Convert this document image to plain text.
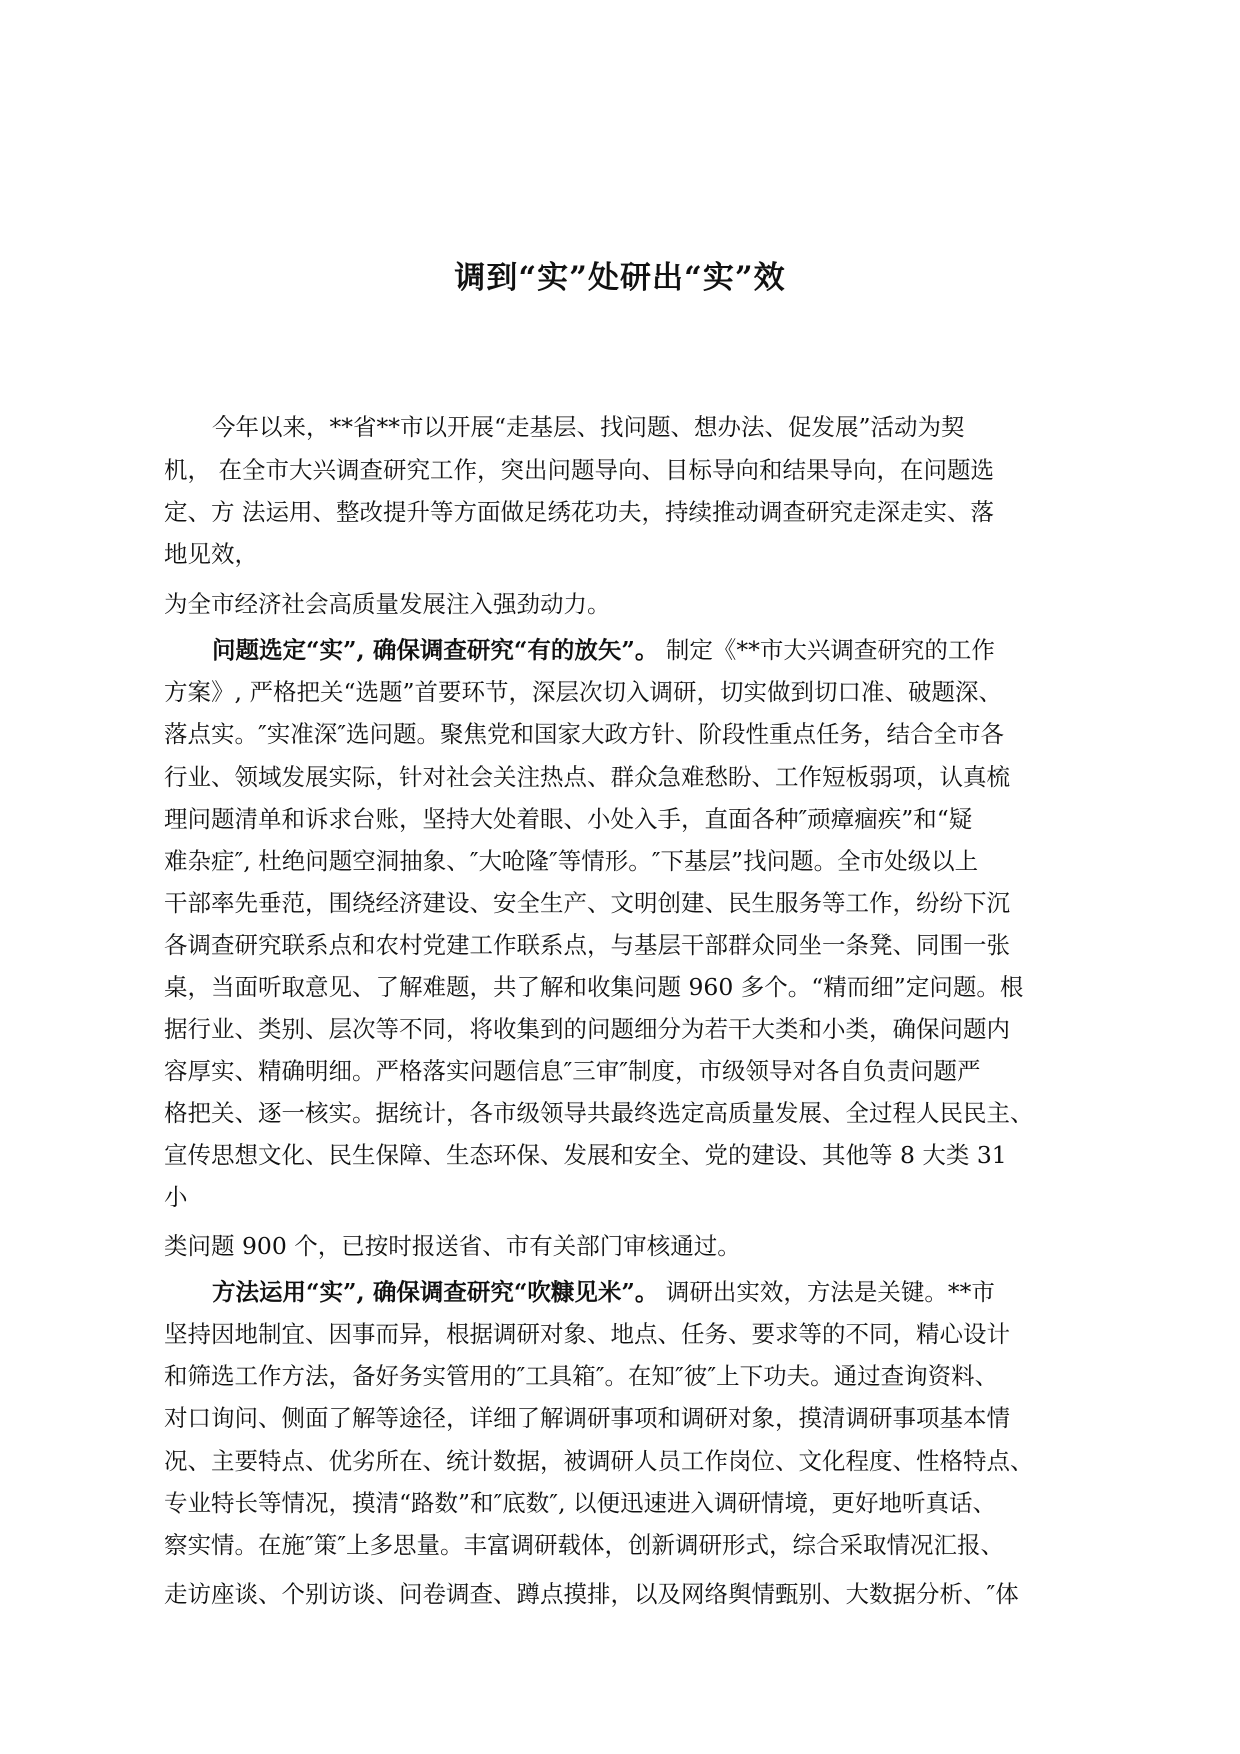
调到“实”处研出“实”效

今年以来，**省**市以开展“走基层、找问题、想办法、促发展”活动为契

机， 在全市大兴调查研究工作，突出问题导向、目标导向和结果导向，在问题选

定、方 法运用、整改提升等方面做足绣花功夫，持续推动调查研究走深走实、落

地见效，

为全市经济社会高质量发展注入强劲动力。

问题选定“实”, 确保调查研究“有的放矢”。 制定《**市大兴调查研究的工作

方案》, 严格把关“选题”首要环节，深层次切入调研，切实做到切口准、破题深、

落点实。″实准深″选问题。聚焦党和国家大政方针、阶段性重点任务，结合全市各

行业、领域发展实际，针对社会关注热点、群众急难愁盼、工作短板弱项，认真梳

理问题清单和诉求台账，坚持大处着眼、小处入手，直面各种″顽瘴痼疾”和“疑

难杂症″, 杜绝问题空洞抽象、″大呛隆″等情形。″下基层”找问题。全市处级以上

干部率先垂范，围绕经济建设、安全生产、文明创建、民生服务等工作，纷纷下沉

各调查研究联系点和农村党建工作联系点，与基层干部群众同坐一条凳、同围一张

桌，当面听取意见、了解难题，共了解和收集问题 960 多个。“精而细”定问题。根

据行业、类别、层次等不同，将收集到的问题细分为若干大类和小类，确保问题内

容厚实、精确明细。严格落实问题信息″三审″制度，市级领导对各自负责问题严

格把关、逐一核实。据统计，各市级领导共最终选定高质量发展、全过程人民民主、

宣传思想文化、民生保障、生态环保、发展和安全、党的建设、其他等 8 大类 31

小

类问题 900 个，已按时报送省、市有关部门审核通过。

方法运用“实”, 确保调查研究“吹糠见米”。 调研出实效，方法是关键。**市

坚持因地制宜、因事而异，根据调研对象、地点、任务、要求等的不同，精心设计

和筛选工作方法，备好务实管用的″工具箱″。在知″彼″上下功夫。通过查询资料、

对口询问、侧面了解等途径，详细了解调研事项和调研对象，摸清调研事项基本情

况、主要特点、优劣所在、统计数据，被调研人员工作岗位、文化程度、性格特点、

专业特长等情况，摸清“路数”和″底数″, 以便迅速进入调研情境，更好地听真话、

察实情。在施″策″上多思量。丰富调研载体，创新调研形式，综合采取情况汇报、

走访座谈、个别访谈、问卷调查、蹲点摸排，以及网络舆情甄别、大数据分析、″体
